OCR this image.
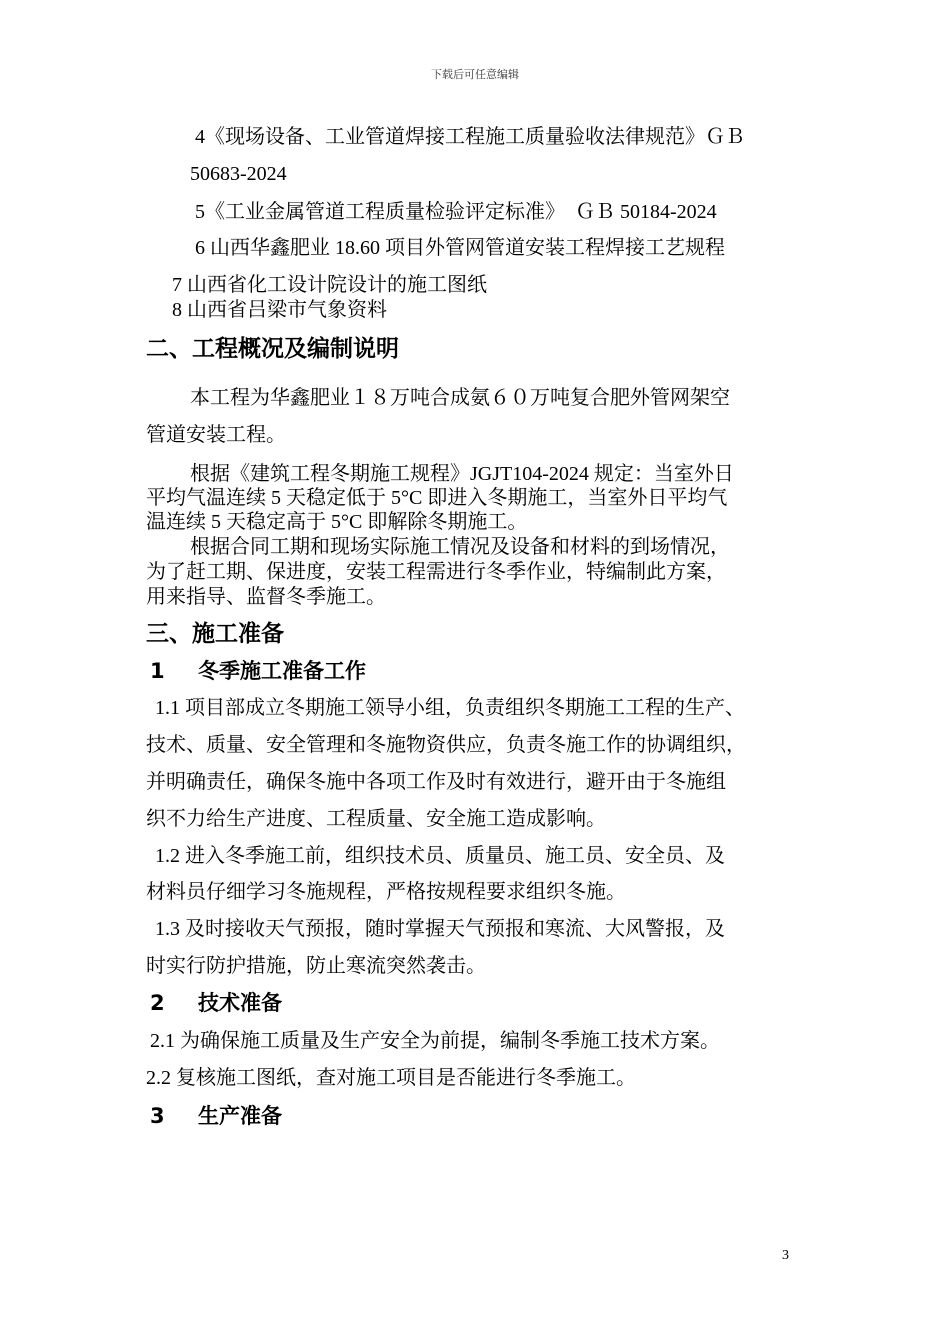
下载后可任意编辑
4《现场设备、工业管道焊接工程施工质量验收法律规范》ＧＢ
50683-2024
5《工业金属管道工程质量检验评定标准》　ＧＢ 50184-2024
6 山西华鑫肥业 18.60 项目外管网管道安装工程焊接工艺规程
7 山西省化工设计院设计的施工图纸
8 山西省吕梁市气象资料
二、工程概况及编制说明
本工程为华鑫肥业１８万吨合成氨６０万吨复合肥外管网架空
管道安装工程。
根据《建筑工程冬期施工规程》JGJT104-2024 规定：当室外日
平均气温连续 5 天稳定低于 5°C 即进入冬期施工，当室外日平均气
温连续 5 天稳定高于 5°C 即解除冬期施工。
根据合同工期和现场实际施工情况及设备和材料的到场情况，
为了赶工期、保进度，安装工程需进行冬季作业，特编制此方案，
用来指导、监督冬季施工。
三、施工准备
1 冬季施工准备工作
1.1 项目部成立冬期施工领导小组，负责组织冬期施工工程的生产、
技术、质量、安全管理和冬施物资供应，负责冬施工作的协调组织，
并明确责任，确保冬施中各项工作及时有效进行，避开由于冬施组
织不力给生产进度、工程质量、安全施工造成影响。
1.2 进入冬季施工前，组织技术员、质量员、施工员、安全员、及
材料员仔细学习冬施规程，严格按规程要求组织冬施。
1.3 及时接收天气预报，随时掌握天气预报和寒流、大风警报，及
时实行防护措施，防止寒流突然袭击。
2 技术准备
2.1 为确保施工质量及生产安全为前提，编制冬季施工技术方案。
2.2 复核施工图纸，查对施工项目是否能进行冬季施工。
3 生产准备
3
